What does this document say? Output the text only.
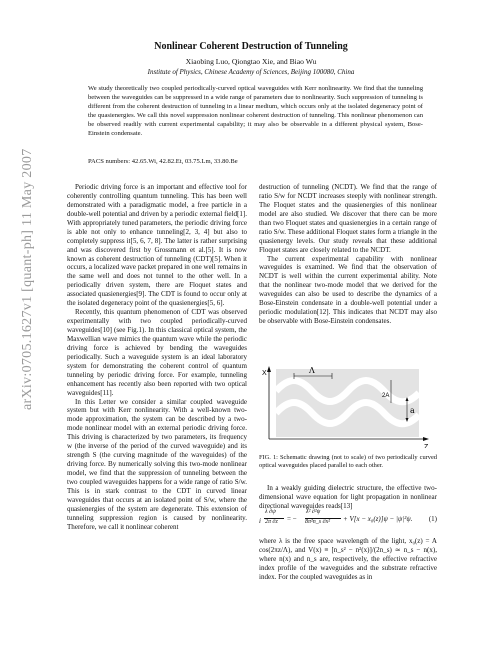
Nonlinear Coherent Destruction of Tunneling
Xiaobing Luo, Qiongtao Xie, and Biao Wu
Institute of Physics, Chinese Academy of Sciences, Beijing 100080, China
We study theoretically two coupled periodically-curved optical waveguides with Kerr nonlinearity. We find that the tunneling between the waveguides can be suppressed in a wide range of parameters due to nonlinearity. Such suppression of tunneling is different from the coherent destruction of tunneling in a linear medium, which occurs only at the isolated degeneracy point of the quasienergies. We call this novel suppression nonlinear coherent destruction of tunneling. This nonlinear phenomenon can be observed readily with current experimental capability; it may also be observable in a different physical system, Bose-Einstein condensate.
PACS numbers: 42.65.Wi, 42.82.Et, 03.75.Lm, 33.80.Be
arXiv:0705.1627v1 [quant-ph] 11 May 2007	Periodic driving force is an important and effective tool for coherently controlling quantum tunneling. This has been well demonstrated with a paradigmatic model, a free particle in a double-well potential and driven by a periodic external field[1]. With appropriately tuned parameters, the periodic driving force is able not only to enhance tunneling[2, 3, 4] but also to completely suppress it[5, 6, 7, 8]. The latter is rather surprising and was discovered first by Grossmann et al.[5]. It is now known as coherent destruction of tunneling (CDT)[5]. When it occurs, a localized wave packet prepared in one well remains in the same well and does not tunnel to the other well. In a periodically driven system, there are Floquet states and associated quasienergies[9]. The CDT is found to occur only at the isolated degeneracy point of the quasienergies[5, 6].

Recently, this quantum phenomenon of CDT was observed experimentally with two coupled periodically-curved waveguides[10] (see Fig.1). In this classical optical system, the Maxwellian wave mimics the quantum wave while the periodic driving force is achieved by bending the waveguides periodically. Such a waveguide system is an ideal laboratory system for demonstrating the coherent control of quantum tunneling by periodic driving force. For example, tunneling enhancement has recently also been reported with two optical waveguides[11].

In this Letter we consider a similar coupled waveguide system but with Kerr nonlinearity. With a well-known two-mode approximation, the system can be described by a two-mode nonlinear model with an external periodic driving force. This driving is characterized by two parameters, its frequency w (the inverse of the period of the curved waveguide) and its strength S (the curving magnitude of the waveguides) of the driving force. By numerically solving this two-mode nonlinear model, we find that the suppression of tunneling between the two coupled waveguides happens for a wide range of ratio S/w. This is in stark contrast to the CDT in curved linear waveguides that occurs at an isolated point of S/w, where the quasienergies of the system are degenerate. This extension of tunneling suppression region is caused by nonlinearity. Therefore, we call it nonlinear coherent

destruction of tunneling (NCDT). We find that the range of ratio S/w for NCDT increases steeply with nonlinear strength. The Floquet states and the quasienergies of this nonlinear model are also studied. We discover that there can be more than two Floquet states and quasienergies in a certain range of ratio S/w. These additional Floquet states form a triangle in the quasienergy levels. Our study reveals that these additional Floquet states are closely related to the NCDT.

The current experimental capability with nonlinear waveguides is examined. We find that the observation of NCDT is well within the current experimental ability. Note that the nonlinear two-mode model that we derived for the waveguides can also be used to describe the dynamics of a Bose-Einstein condensate in a double-well potential under a periodic modulation[12]. This indicates that NCDT may also be observable with Bose-Einstein condensates.

X
Z
Λ
2A
a
FIG. 1: Schematic drawing (not to scale) of two periodically curved optical waveguides placed parallel to each other.

In a weakly guiding dielectric structure, the effective two-dimensional wave equation for light propagation in nonlinear directional waveguides reads[13]

i
λ ∂ψ
2π ∂z = −
λ² ∂²ψ
8π²n_s ∂x² + V[x − x₀(z)]ψ − |ψ|²ψ. (1)
where λ is the free space wavelength of the light, x₀(z) = A cos(2πz/Λ), and V(x) ≡ [n_s² − n²(x)]/(2n_s) ≃ n_s − n(x), where n(x) and n_s are, respectively, the effective refractive index profile of the waveguides and the substrate refractive index. For the coupled waveguides as in
